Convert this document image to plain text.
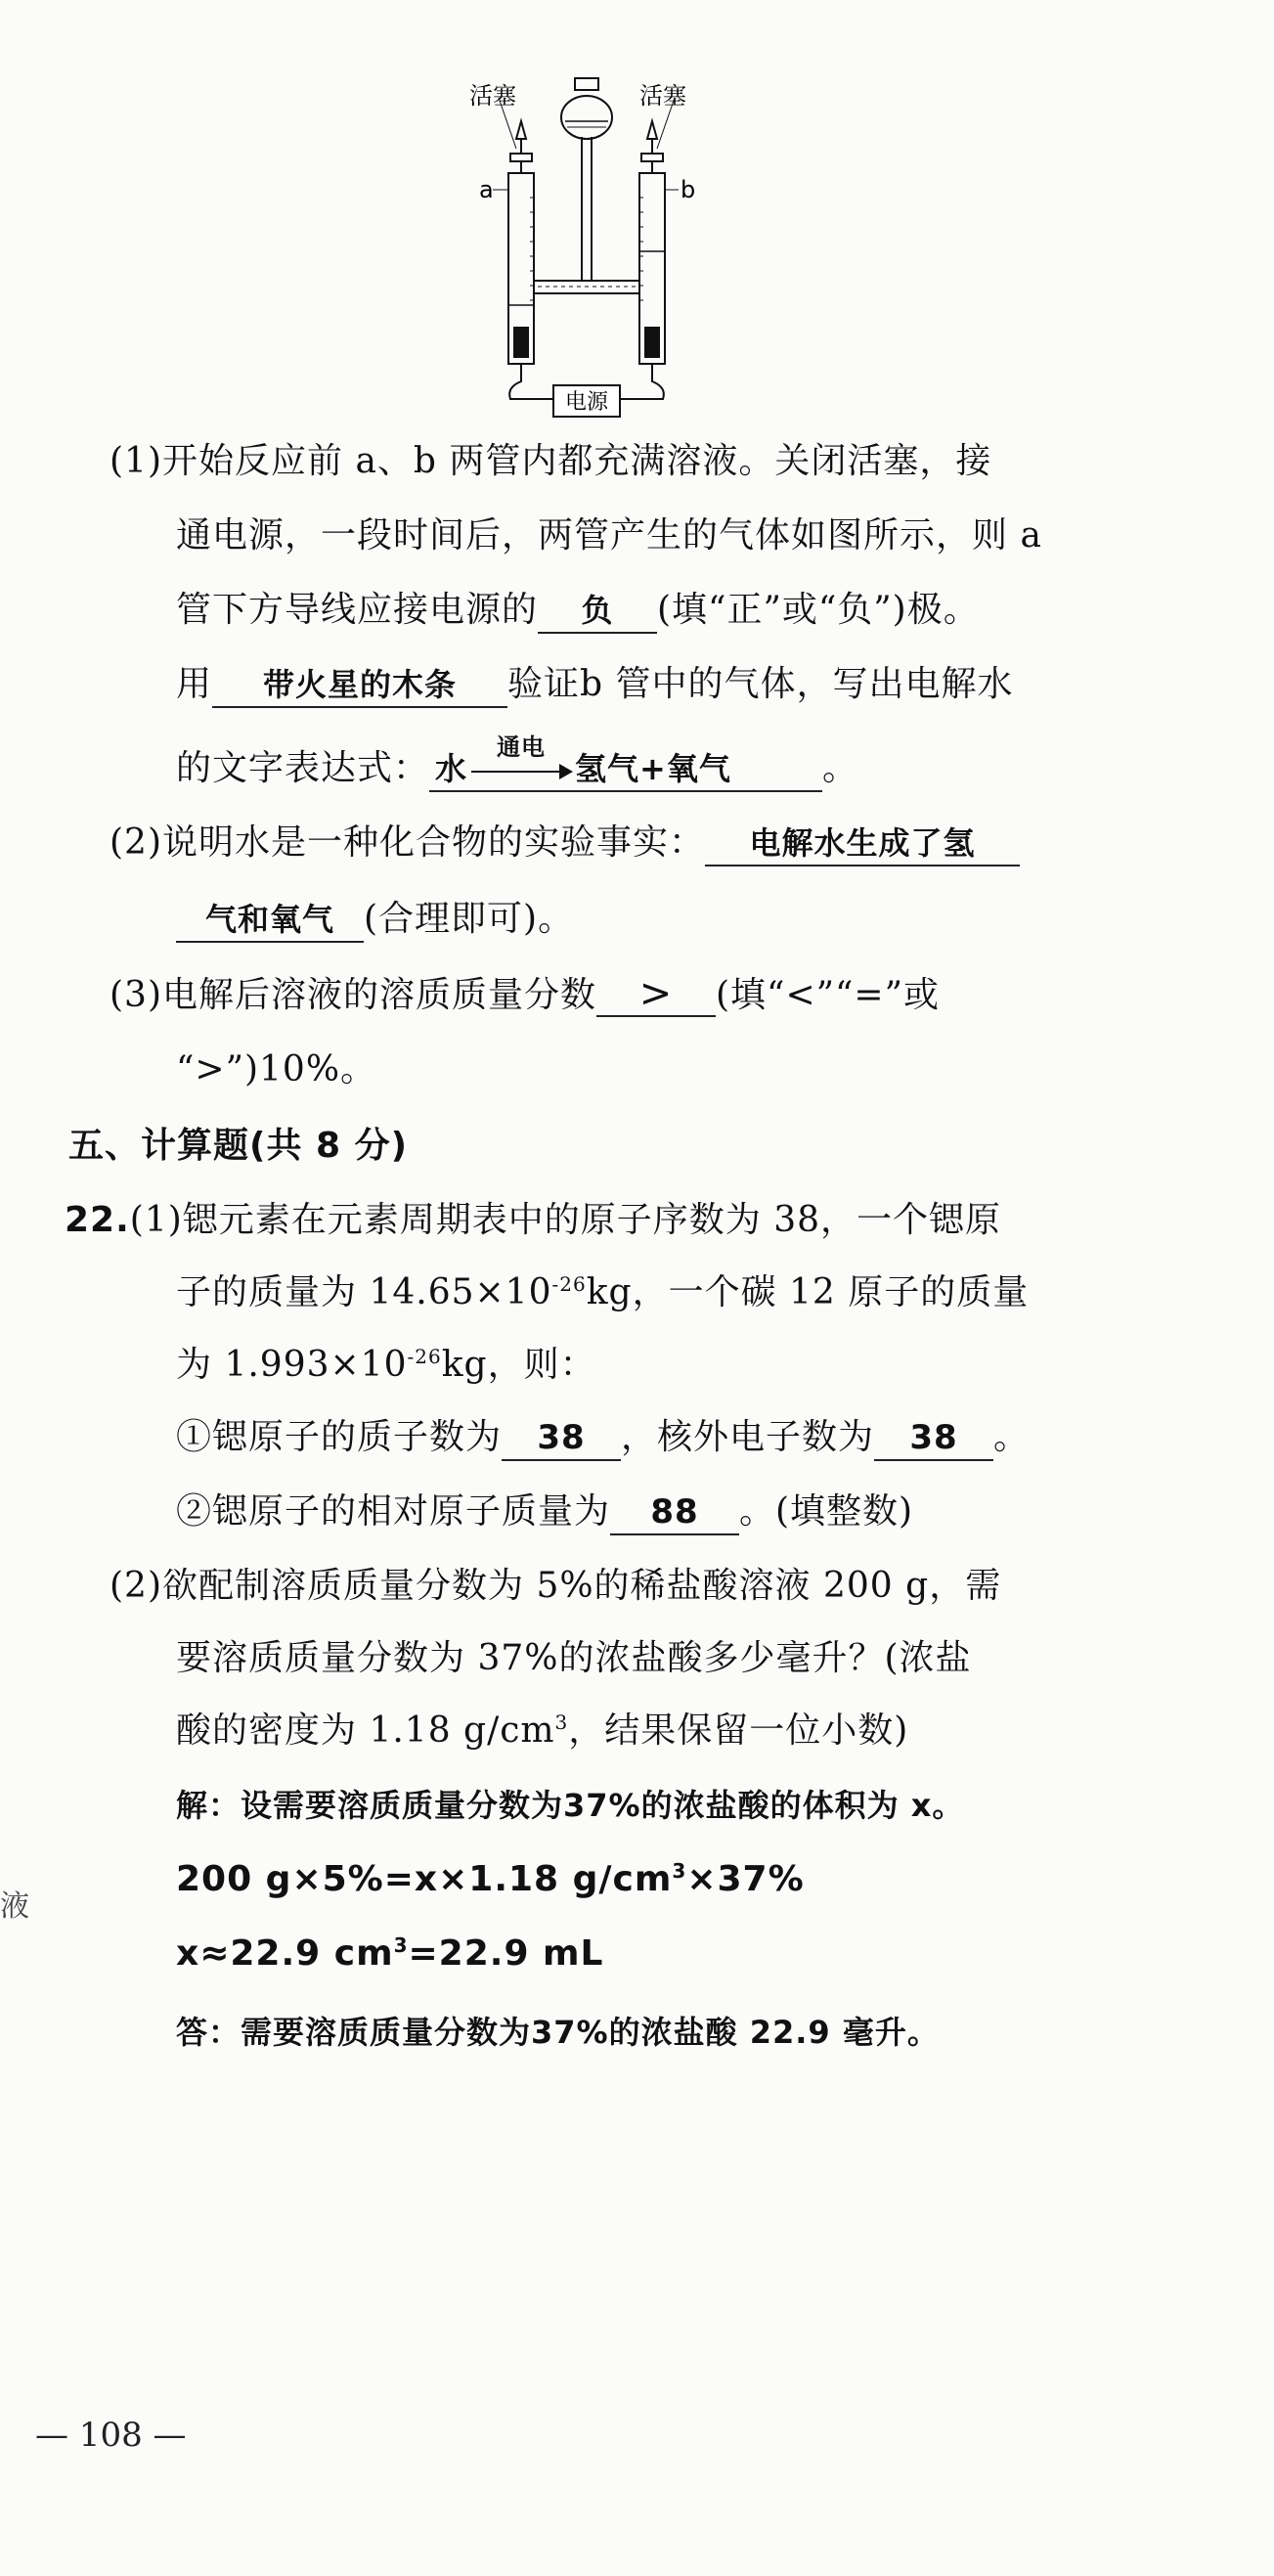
电源
活塞	活塞
a	b
(1)开始反应前 a、b 两管内都充满溶液。关闭活塞，接
通电源，一段时间后，两管产生的气体如图所示，则 a
管下方导线应接电源的 负 (填“正”或“负”)极。
用 带火星的木条 验证b 管中的气体，写出电解水
的文字表达式： 水
通电
氢气+氧气	。
(2)说明水是一种化合物的实验事实： 电解水生成了氢
气和氧气 (合理即可)。
(3)电解后溶液的溶质质量分数 > (填“<”“=”或
“>”)10%。
五、计算题(共 8 分)
22.(1)锶元素在元素周期表中的原子序数为 38，一个锶原
子的质量为 $14.65\times 10^{-26}kg$，一个碳 12 原子的质量
为 $1.993\times 10^{-26}kg$，则：
①锶原子的质子数为 38 ，核外电子数为 38 。
②锶原子的相对原子质量为 88 。(填整数)
(2)欲配制溶质质量分数为 5%的稀盐酸溶液 200 g，需
要溶质质量分数为 37%的浓盐酸多少毫升？(浓盐
酸的密度为 1.18 $g/cm^3$，结果保留一位小数)
解：设需要溶质质量分数为37%的浓盐酸的体积为 x。
200 g×5%=x×1.18 $g/cm^3\times 37\%$
x≈22.9 $cm^3=22.9$ mL
答：需要溶质质量分数为37%的浓盐酸 22.9 毫升。
液
— 108 —
